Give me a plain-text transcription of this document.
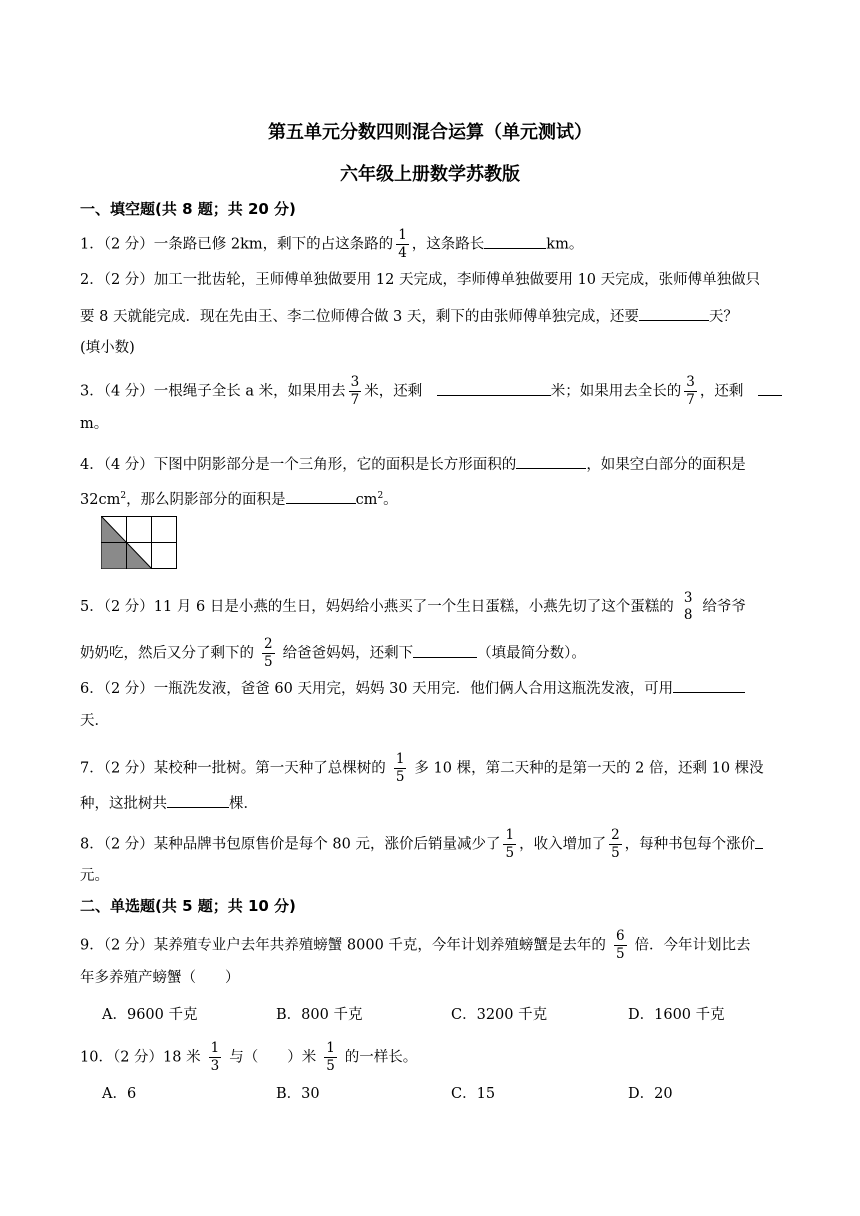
第五单元分数四则混合运算（单元测试）
六年级上册数学苏教版
一、填空题(共 8 题；共 20 分)
1．（2 分）一条路已修 2km，剩下的占这条路的 $\frac{1}{4}$ ，这条路长	km。
2．（2 分）加工一批齿轮，王师傅单独做要用 12 天完成，李师傅单独做要用 10 天完成，张师傅单独做只
要 8 天就能完成．现在先由王、李二位师傅合做 3 天，剩下的由张师傅单独完成，还要	天？
(填小数)
3．（4 分）一根绳子全长 a 米，如果用去 $\frac{3}{7}$ 米，还剩　	米；如果用去全长的 $\frac{3}{7}$ ，还剩　
m。
4．（4 分）下图中阴影部分是一个三角形，它的面积是长方形面积的	，如果空白部分的面积是
$32cm^2$，那么阴影部分的面积是	$cm^2$。
5．（2 分）11 月 6 日是小燕的生日，妈妈给小燕买了一个生日蛋糕，小燕先切了这个蛋糕的
3
8 给爷爷
奶奶吃，然后又分了剩下的 $\frac{2}{5}$ 给爸爸妈妈，还剩下	（填最简分数）。
6．（2 分）一瓶洗发液，爸爸 60 天用完，妈妈 30 天用完．他们俩人合用这瓶洗发液，可用
天．
7．（2 分）某校种一批树。第一天种了总棵树的 $\frac{1}{5}$ 多 10 棵，第二天种的是第一天的 2 倍，还剩 10 棵没
种，这批树共	棵．
8．（2 分）某种品牌书包原售价是每个 80 元，涨价后销量减少了 $\frac{1}{5}$ ，收入增加了 $\frac{2}{5}$ ，每种书包每个涨价
元。
二、单选题(共 5 题；共 10 分)
9．（2 分）某养殖专业户去年共养殖螃蟹 8000 千克，今年计划养殖螃蟹是去年的 $\frac{6}{5}$ 倍．今年计划比去
年多养殖产螃蟹（　　）
A．9600 千克	B．800 千克	C．3200 千克	D．1600 千克
10．（2 分）18 米 $\frac{1}{3}$ 与（　　）米 $\frac{1}{5}$ 的一样长。
A．6	B．30	C．15	D．20
